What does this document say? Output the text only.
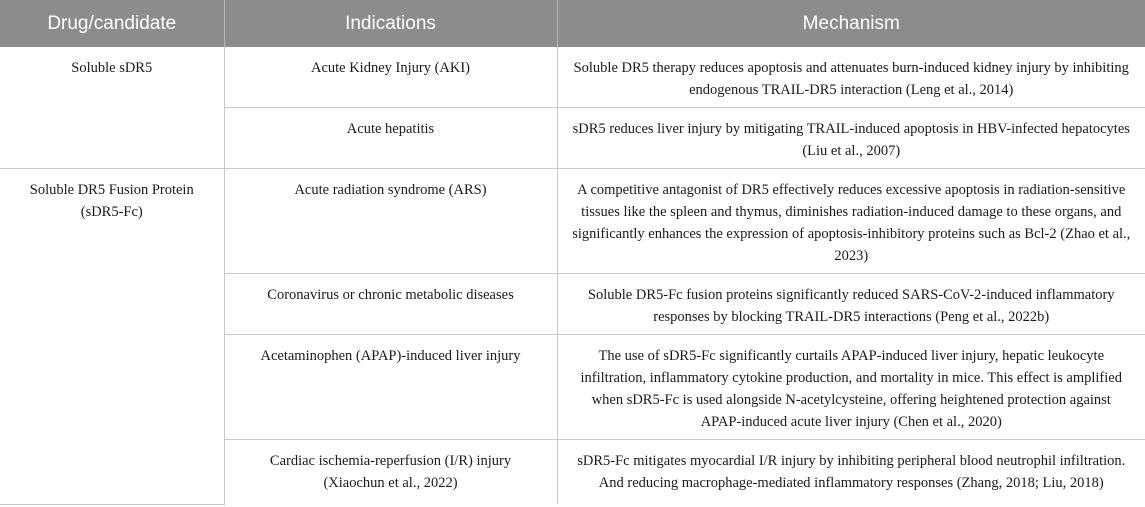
Drug/candidate	Indications	Mechanism
Soluble sDR5	Acute Kidney Injury (AKI)	Soluble DR5 therapy reduces apoptosis and attenuates burn-induced kidney injury by inhibiting endogenous TRAIL-DR5 interaction (Leng et al., 2014)
	Acute hepatitis	sDR5 reduces liver injury by mitigating TRAIL-induced apoptosis in HBV-infected hepatocytes (Liu et al., 2007)
Soluble DR5 Fusion Protein (sDR5-Fc)	Acute radiation syndrome (ARS)	A competitive antagonist of DR5 effectively reduces excessive apoptosis in radiation-sensitive tissues like the spleen and thymus, diminishes radiation-induced damage to these organs, and significantly enhances the expression of apoptosis-inhibitory proteins such as Bcl-2 (Zhao et al., 2023)
	Coronavirus or chronic metabolic diseases	Soluble DR5-Fc fusion proteins significantly reduced SARS-CoV-2-induced inflammatory responses by blocking TRAIL-DR5 interactions (Peng et al., 2022b)
	Acetaminophen (APAP)-induced liver injury	The use of sDR5-Fc significantly curtails APAP-induced liver injury, hepatic leukocyte infiltration, inflammatory cytokine production, and mortality in mice. This effect is amplified when sDR5-Fc is used alongside N-acetylcysteine, offering heightened protection against APAP-induced acute liver injury (Chen et al., 2020)
	Cardiac ischemia-reperfusion (I/R) injury (Xiaochun et al., 2022)	sDR5-Fc mitigates myocardial I/R injury by inhibiting peripheral blood neutrophil infiltration. And reducing macrophage-mediated inflammatory responses (Zhang, 2018; Liu, 2018)
